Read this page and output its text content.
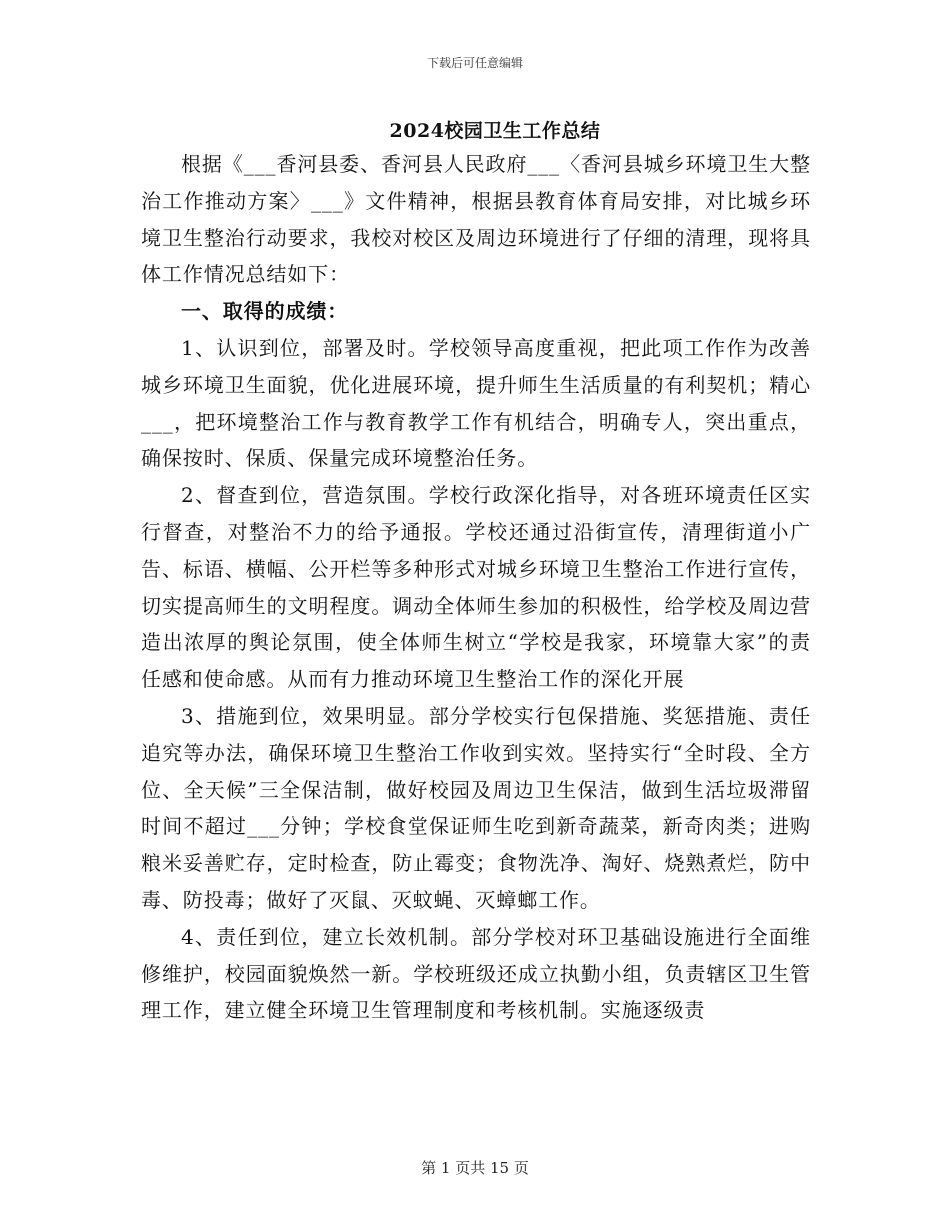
下载后可任意编辑
2024校园卫生工作总结

根据《___香河县委、香河县人民政府___〈香河县城乡环境卫生大整治工作推动方案〉___》文件精神，根据县教育体育局安排，对比城乡环境卫生整治行动要求，我校对校区及周边环境进行了仔细的清理，现将具体工作情况总结如下：

一、取得的成绩：

1、认识到位，部署及时。学校领导高度重视，把此项工作作为改善城乡环境卫生面貌，优化进展环境，提升师生生活质量的有利契机；精心___，把环境整治工作与教育教学工作有机结合，明确专人，突出重点，确保按时、保质、保量完成环境整治任务。

2、督查到位，营造氛围。学校行政深化指导，对各班环境责任区实行督查，对整治不力的给予通报。学校还通过沿街宣传，清理街道小广告、标语、横幅、公开栏等多种形式对城乡环境卫生整治工作进行宣传，切实提高师生的文明程度。调动全体师生参加的积极性，给学校及周边营造出浓厚的舆论氛围，使全体师生树立“学校是我家，环境靠大家”的责任感和使命感。从而有力推动环境卫生整治工作的深化开展

3、措施到位，效果明显。部分学校实行包保措施、奖惩措施、责任追究等办法，确保环境卫生整治工作收到实效。坚持实行“全时段、全方位、全天候”三全保洁制，做好校园及周边卫生保洁，做到生活垃圾滞留时间不超过___分钟；学校食堂保证师生吃到新奇蔬菜，新奇肉类；进购粮米妥善贮存，定时检查，防止霉变；食物洗净、淘好、烧熟煮烂，防中毒、防投毒；做好了灭鼠、灭蚊蝇、灭蟑螂工作。

4、责任到位，建立长效机制。部分学校对环卫基础设施进行全面维修维护，校园面貌焕然一新。学校班级还成立执勤小组，负责辖区卫生管理工作，建立健全环境卫生管理制度和考核机制。实施逐级责

第 1 页共 15 页
